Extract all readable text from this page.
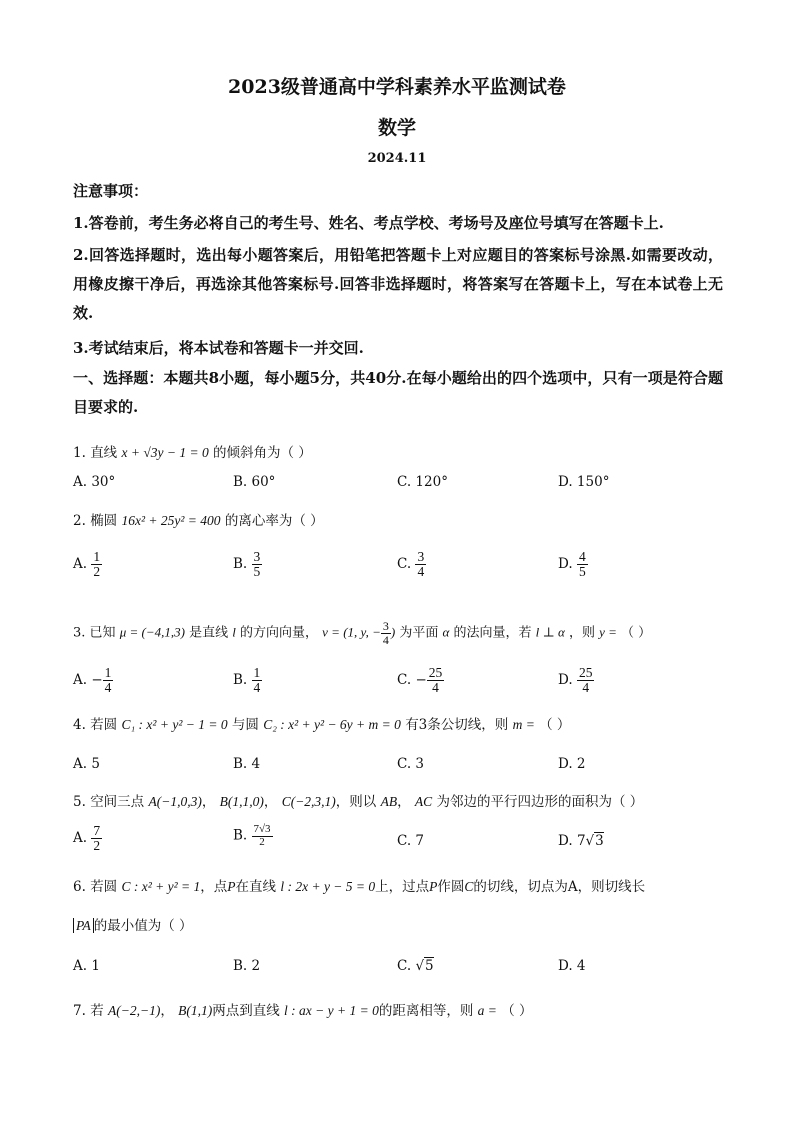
2023级普通高中学科素养水平监测试卷
数学
2024.11
注意事项：
1.答卷前，考生务必将自己的考生号、姓名、考点学校、考场号及座位号填写在答题卡上.
2.回答选择题时，选出每小题答案后，用铅笔把答题卡上对应题目的答案标号涂黑.如需要改动，用橡皮擦干净后，再选涂其他答案标号.回答非选择题时，将答案写在答题卡上，写在本试卷上无效.
3.考试结束后，将本试卷和答题卡一并交回.
一、选择题：本题共8小题，每小题5分，共40分.在每小题给出的四个选项中，只有一项是符合题目要求的.
1. 直线 x + √3y − 1 = 0 的倾斜角为（ ）
A. 30°	B. 60°	C. 120°	D. 150°
2. 椭圆 16x² + 25y² = 400 的离心率为（ ）
A. $\frac{1}{2}$	B. $\frac{3}{5}$	C. $\frac{3}{4}$	D. $\frac{4}{5}$
3. 已知 μ = (−4,1,3) 是直线 l 的方向向量， v = (1, y, − $\frac{3}{4}$ ) 为平面 α 的法向量，若 l ⊥ α ，则 y = （ ）
A. − $\frac{1}{4}$	B. $\frac{1}{4}$	C. − $\frac{25}{4}$	D. $\frac{25}{4}$
4. 若圆 C₁ : x² + y² − 1 = 0 与圆 C₂ : x² + y² − 6y + m = 0 有3条公切线，则 m = （ ）
A. 5	B. 4	C. 3	D. 2
5. 空间三点 A(−1,0,3)， B(1,1,0)， C(−2,3,1)，则以 AB， AC 为邻边的平行四边形的面积为（ ）
A. $\frac{7}{2}$	B. $\frac{7√3}{2}$	C. 7	D. 7√3
6. 若圆 C : x² + y² = 1，点P在直线 l : 2x + y − 5 = 0上，过点P作圆C的切线，切点为A，则切线长
PA 的最小值为（ ）
A. 1	B. 2	C. √5	D. 4
7. 若 A(−2,−1)， B(1,1)两点到直线 l : ax − y + 1 = 0的距离相等，则 a = （ ）
